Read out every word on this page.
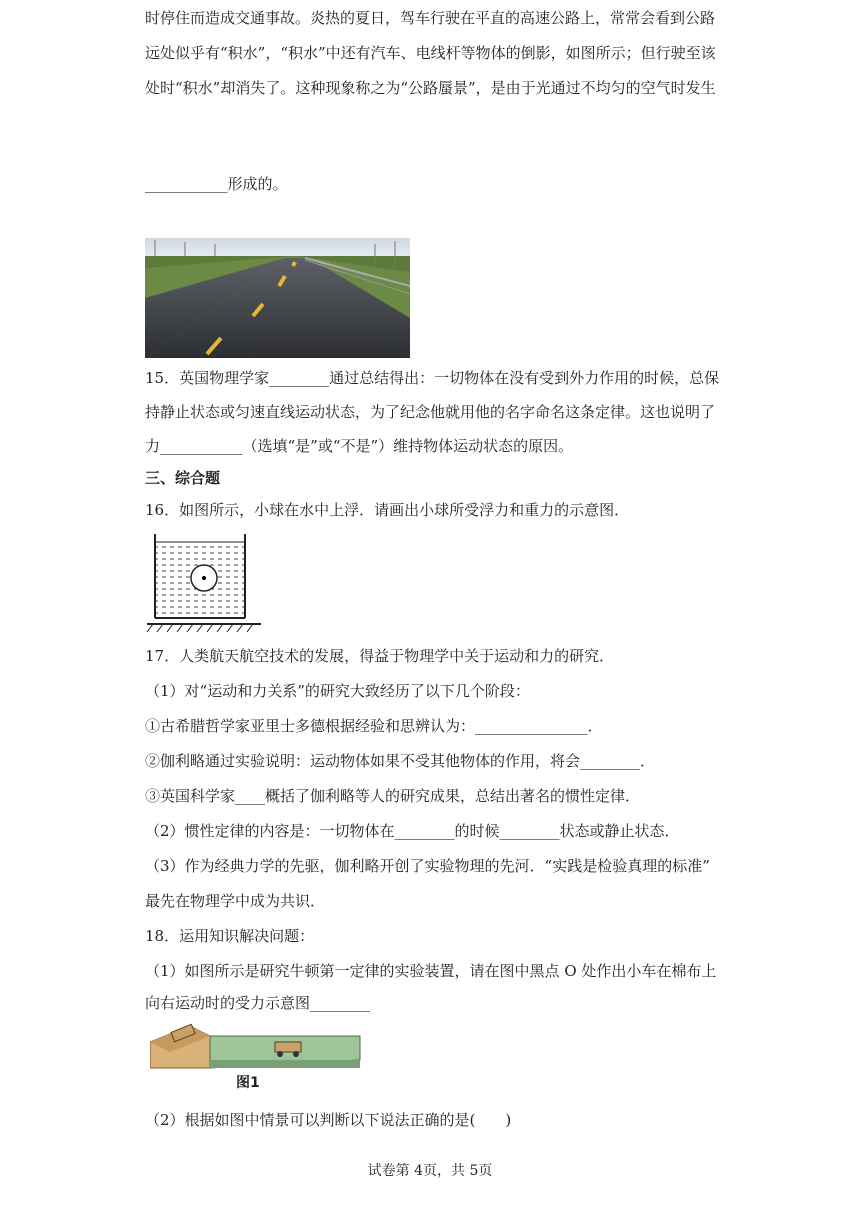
时停住而造成交通事故。炎热的夏日，驾车行驶在平直的高速公路上，常常会看到公路
远处似乎有“积水”，“积水”中还有汽车、电线杆等物体的倒影，如图所示；但行驶至该
处时“积水”却消失了。这种现象称之为“公路蜃景”，是由于光通过不均匀的空气时发生
___________形成的。
15．英国物理学家________通过总结得出：一切物体在没有受到外力作用的时候，总保
持静止状态或匀速直线运动状态，为了纪念他就用他的名字命名这条定律。这也说明了
力___________（选填“是”或“不是”）维持物体运动状态的原因。
三、综合题
16．如图所示，小球在水中上浮．请画出小球所受浮力和重力的示意图．
17．人类航天航空技术的发展，得益于物理学中关于运动和力的研究．
（1）对“运动和力关系”的研究大致经历了以下几个阶段：
①古希腊哲学家亚里士多德根据经验和思辨认为：_______________．
②伽利略通过实验说明：运动物体如果不受其他物体的作用，将会________．
③英国科学家____概括了伽利略等人的研究成果，总结出著名的惯性定律．
（2）惯性定律的内容是：一切物体在________的时候________状态或静止状态．
（3）作为经典力学的先驱，伽利略开创了实验物理的先河．“实践是检验真理的标准”
最先在物理学中成为共识．
18．运用知识解决问题：
（1）如图所示是研究牛顿第一定律的实验装置，请在图中黑点 O 处作出小车在棉布上
向右运动时的受力示意图________
图1
（2）根据如图中情景可以判断以下说法正确的是(　　)
试卷第 4页，共 5页
